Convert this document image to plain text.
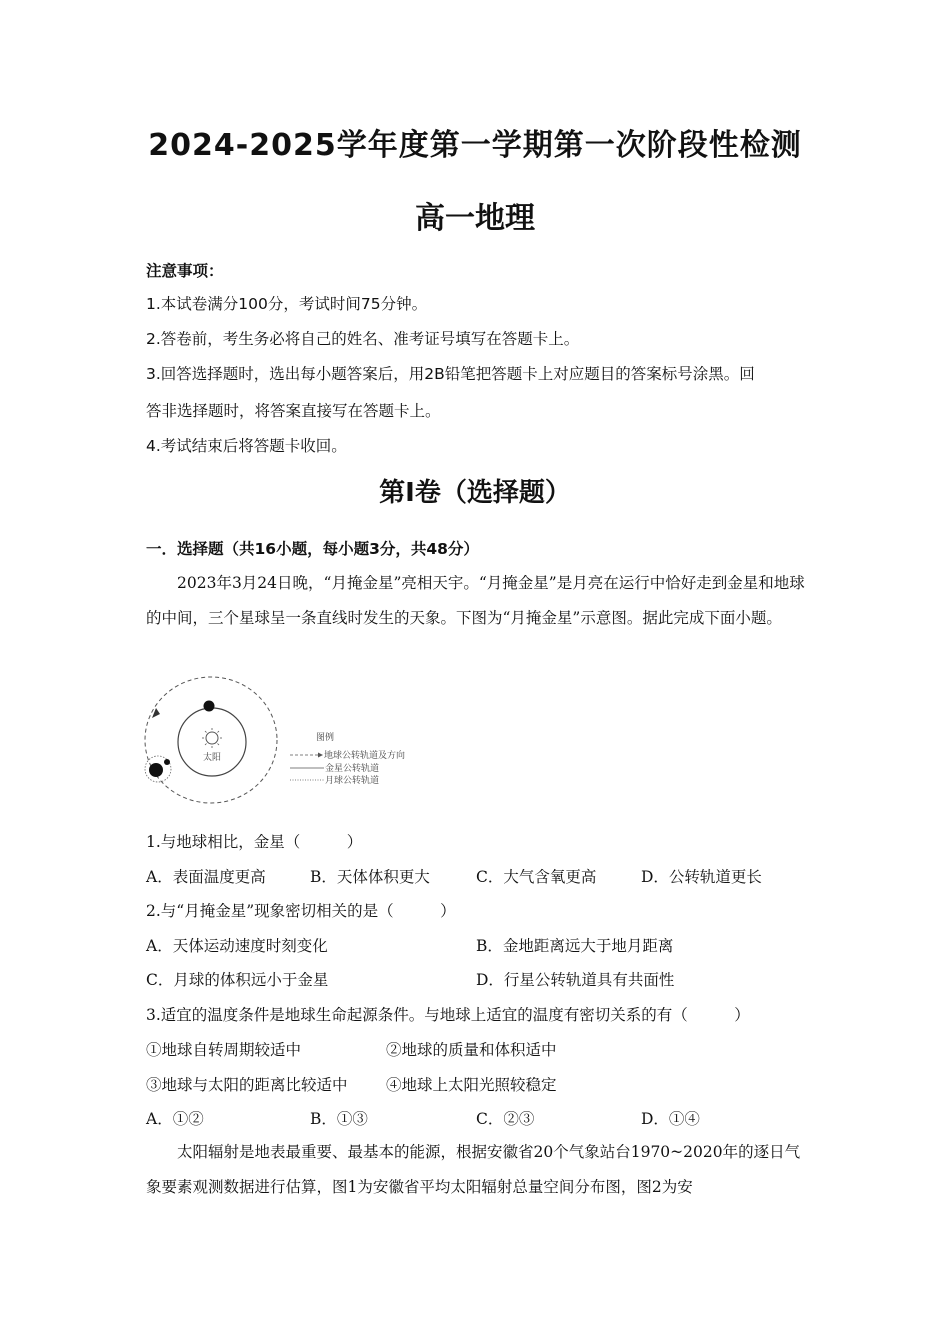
2024-2025学年度第一学期第一次阶段性检测
高一地理
注意事项：
1.本试卷满分100分，考试时间75分钟。
2.答卷前，考生务必将自己的姓名、准考证号填写在答题卡上。
3.回答选择题时，选出每小题答案后，用2B铅笔把答题卡上对应题目的答案标号涂黑。回
答非选择题时，将答案直接写在答题卡上。
4.考试结束后将答题卡收回。
第I卷（选择题）
一．选择题（共16小题，每小题3分，共48分）
2023年3月24日晚，“月掩金星”亮相天宇。“月掩金星”是月亮在运行中恰好走到金星和地球的中间，三个星球呈一条直线时发生的天象。下图为“月掩金星”示意图。据此完成下面小题。
太阳
图例
地球公转轨道及方向
金星公转轨道
月球公转轨道
1.与地球相比，金星（　　　）
A．表面温度更高	B．天体体积更大	C．大气含氧更高	D．公转轨道更长
2.与“月掩金星”现象密切相关的是（　　　）
A．天体运动速度时刻变化	B．金地距离远大于地月距离
C．月球的体积远小于金星	D．行星公转轨道具有共面性
3.适宜的温度条件是地球生命起源条件。与地球上适宜的温度有密切关系的有（　　　）
①地球自转周期较适中	②地球的质量和体积适中
③地球与太阳的距离比较适中 ④地球上太阳光照较稳定
A．①②	B．①③	C．②③	D．①④
太阳辐射是地表最重要、最基本的能源，根据安徽省20个气象站台1970~2020年的逐日气象要素观测数据进行估算，图1为安徽省平均太阳辐射总量空间分布图，图2为安
